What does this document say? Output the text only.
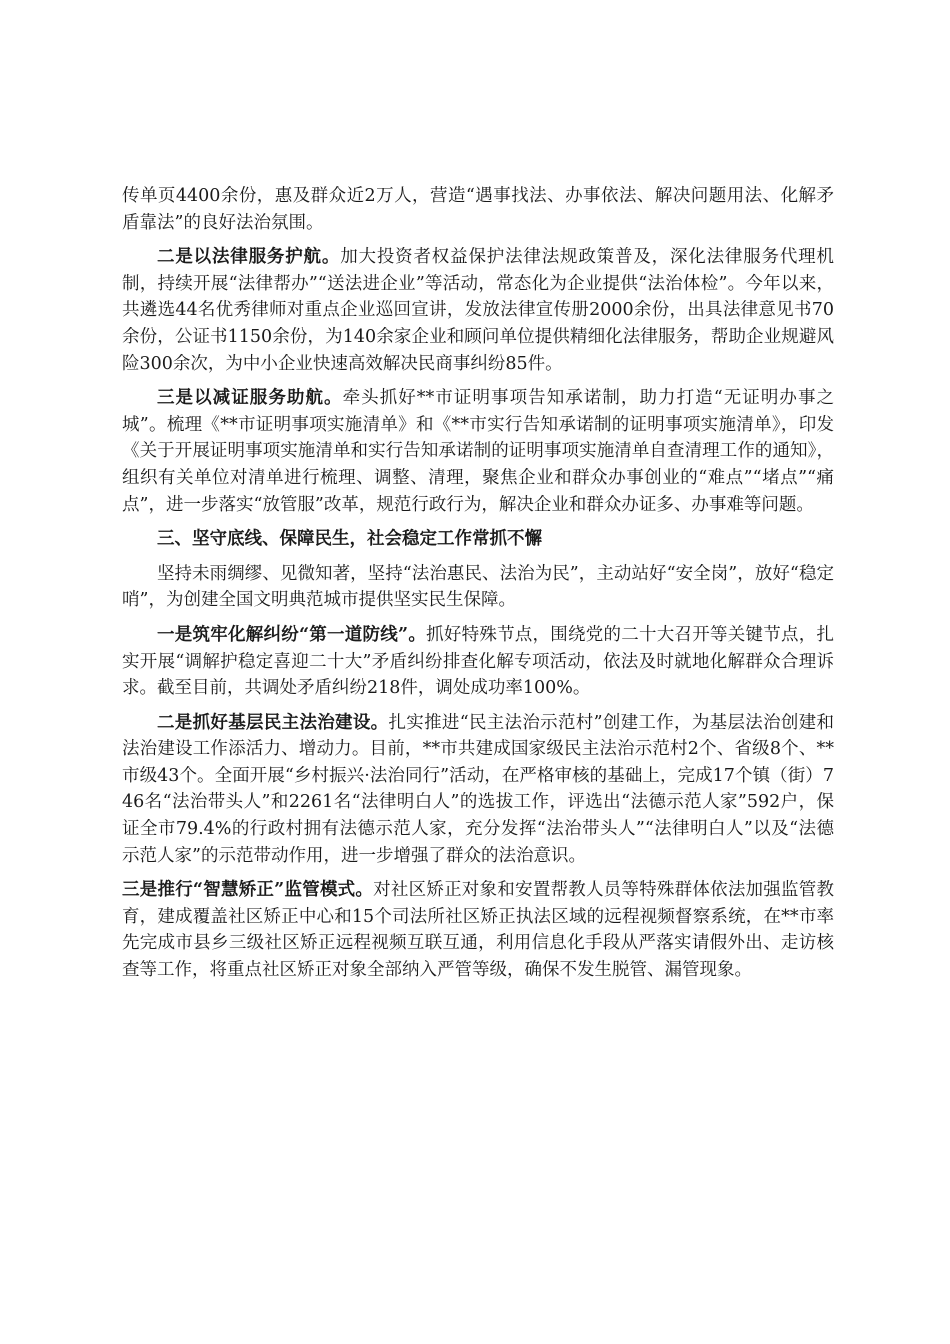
传单页4400余份，惠及群众近2万人，营造“遇事找法、办事依法、解决问题用法、化解矛盾靠法”的良好法治氛围。

二是以法律服务护航。加大投资者权益保护法律法规政策普及，深化法律服务代理机制，持续开展“法律帮办”“送法进企业”等活动，常态化为企业提供“法治体检”。今年以来，共遴选44名优秀律师对重点企业巡回宣讲，发放法律宣传册2000余份，出具法律意见书70余份，公证书1150余份，为140余家企业和顾问单位提供精细化法律服务，帮助企业规避风险300余次，为中小企业快速高效解决民商事纠纷85件。

三是以减证服务助航。牵头抓好**市证明事项告知承诺制，助力打造“无证明办事之城”。梳理《**市证明事项实施清单》和《**市实行告知承诺制的证明事项实施清单》，印发《关于开展证明事项实施清单和实行告知承诺制的证明事项实施清单自查清理工作的通知》，组织有关单位对清单进行梳理、调整、清理，聚焦企业和群众办事创业的“难点”“堵点”“痛点”，进一步落实“放管服”改革，规范行政行为，解决企业和群众办证多、办事难等问题。

三、坚守底线、保障民生，社会稳定工作常抓不懈

坚持未雨绸缪、见微知著，坚持“法治惠民、法治为民”，主动站好“安全岗”，放好“稳定哨”，为创建全国文明典范城市提供坚实民生保障。

一是筑牢化解纠纷“第一道防线”。抓好特殊节点，围绕党的二十大召开等关键节点，扎实开展“调解护稳定喜迎二十大”矛盾纠纷排查化解专项活动，依法及时就地化解群众合理诉求。截至目前，共调处矛盾纠纷218件，调处成功率100%。

二是抓好基层民主法治建设。扎实推进“民主法治示范村”创建工作，为基层法治创建和法治建设工作添活力、增动力。目前，**市共建成国家级民主法治示范村2个、省级8个、**市级43个。全面开展“乡村振兴·法治同行”活动，在严格审核的基础上，完成17个镇（街）746名“法治带头人”和2261名“法律明白人”的选拔工作，评选出“法德示范人家”592户，保证全市79.4%的行政村拥有法德示范人家，充分发挥“法治带头人”“法律明白人”以及“法德示范人家”的示范带动作用，进一步增强了群众的法治意识。

三是推行“智慧矫正”监管模式。对社区矫正对象和安置帮教人员等特殊群体依法加强监管教育，建成覆盖社区矫正中心和15个司法所社区矫正执法区域的远程视频督察系统，在**市率先完成市县乡三级社区矫正远程视频互联互通，利用信息化手段从严落实请假外出、走访核查等工作，将重点社区矫正对象全部纳入严管等级，确保不发生脱管、漏管现象。
